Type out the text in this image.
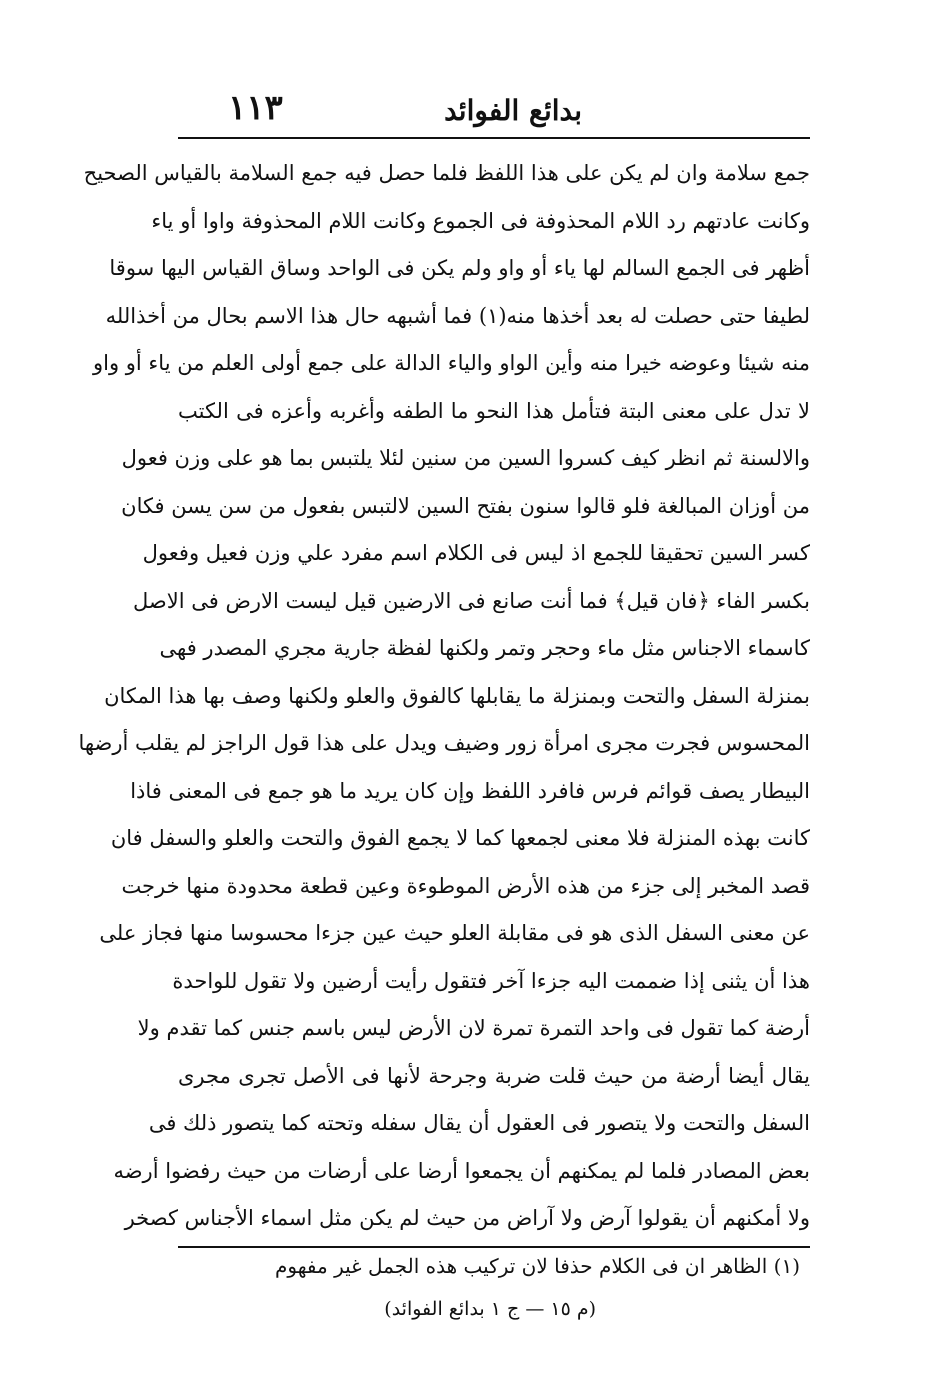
بدائع الفوائد
١١٣
جمع سلامة وان لم يكن على هذا اللفظ فلما حصل فيه جمع السلامة بالقياس الصحيح
وكانت عادتهم رد اللام المحذوفة فى الجموع وكانت اللام المحذوفة واوا أو ياء
أظهر فى الجمع السالم لها ياء أو واو ولم يكن فى الواحد وساق القياس اليها سوقا
لطيفا حتى حصلت له بعد أخذها منه(١) فما أشبهه حال هذا الاسم بحال من أخذالله
منه شيئا وعوضه خيرا منه وأين الواو والياء الدالة على جمع أولى العلم من ياء أو واو
لا تدل على معنى البتة فتأمل هذا النحو ما الطفه وأغربه وأعزه فى الكتب
والالسنة ثم انظر كيف كسروا السين من سنين لئلا يلتبس بما هو على وزن فعول
من أوزان المبالغة فلو قالوا سنون بفتح السين لالتبس بفعول من سن يسن فكان
كسر السين تحقيقا للجمع اذ ليس فى الكلام اسم مفرد علي وزن فعيل وفعول
بكسر الفاء ﴿فان قيل﴾ فما أنت صانع فى الارضين قيل ليست الارض فى الاصل
كاسماء الاجناس مثل ماء وحجر وتمر ولكنها لفظة جارية مجري المصدر فهى
بمنزلة السفل والتحت وبمنزلة ما يقابلها كالفوق والعلو ولكنها وصف بها هذا المكان
المحسوس فجرت مجرى امرأة زور وضيف ويدل على هذا قول الراجز لم يقلب أرضها
البيطار يصف قوائم فرس فافرد اللفظ وإن كان يريد ما هو جمع فى المعنى فاذا
كانت بهذه المنزلة فلا معنى لجمعها كما لا يجمع الفوق والتحت والعلو والسفل فان
قصد المخبر إلى جزء من هذه الأرض الموطوءة وعين قطعة محدودة منها خرجت
عن معنى السفل الذى هو فى مقابلة العلو حيث عين جزءا محسوسا منها فجاز على
هذا أن يثنى إذا ضممت اليه جزءا آخر فتقول رأيت أرضين ولا تقول للواحدة
أرضة كما تقول فى واحد التمرة تمرة لان الأرض ليس باسم جنس كما تقدم ولا
يقال أيضا أرضة من حيث قلت ضربة وجرحة لأنها فى الأصل تجرى مجرى
السفل والتحت ولا يتصور فى العقول أن يقال سفله وتحته كما يتصور ذلك فى
بعض المصادر فلما لم يمكنهم أن يجمعوا أرضا على أرضات من حيث رفضوا أرضه
ولا أمكنهم أن يقولوا آرض ولا آراض من حيث لم يكن مثل اسماء الأجناس كصخر
(١) الظاهر ان فى الكلام حذفا لان تركيب هذه الجمل غير مفهوم
(م ١٥ — ج ١ بدائع الفوائد)
